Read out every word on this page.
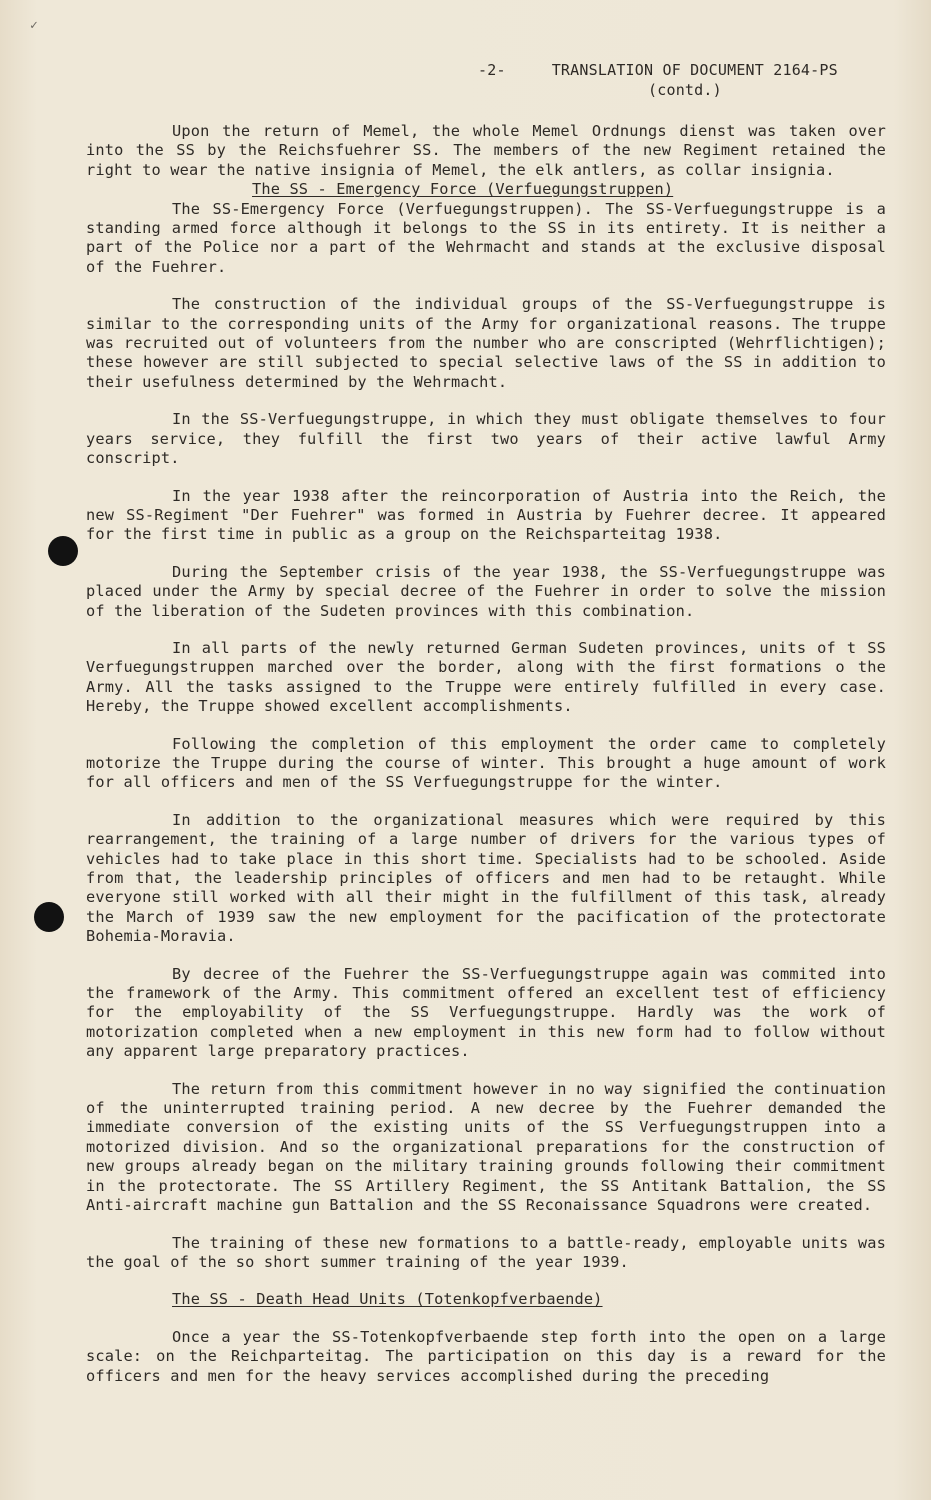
✓
-2-	TRANSLATION OF DOCUMENT 2164-PS
(contd.)

Upon the return of Memel, the whole Memel Ordnungs dienst was taken over into the SS by the Reichsfuehrer SS. The members of the new Regiment retained the right to wear the native insignia of Memel, the elk antlers, as collar insignia.

The SS - Emergency Force (Verfuegungstruppen)

The SS-Emergency Force (Verfuegungstruppen). The SS-Verfuegungstruppe is a standing armed force although it belongs to the SS in its entirety. It is neither a part of the Police nor a part of the Wehrmacht and stands at the exclusive disposal of the Fuehrer.

The construction of the individual groups of the SS-Verfuegungstruppe is similar to the corresponding units of the Army for organizational reasons. The truppe was recruited out of volunteers from the number who are conscripted (Wehrflichtigen); these however are still subjected to special selective laws of the SS in addition to their usefulness determined by the Wehrmacht.

In the SS-Verfuegungstruppe, in which they must obligate themselves to four years service, they fulfill the first two years of their active lawful Army conscript.

In the year 1938 after the reincorporation of Austria into the Reich, the new SS-Regiment "Der Fuehrer" was formed in Austria by Fuehrer decree. It appeared for the first time in public as a group on the Reichsparteitag 1938.

During the September crisis of the year 1938, the SS-Verfuegungstruppe was placed under the Army by special decree of the Fuehrer in order to solve the mission of the liberation of the Sudeten provinces with this combination.

In all parts of the newly returned German Sudeten provinces, units of t SS Verfuegungstruppen marched over the border, along with the first formations o the Army. All the tasks assigned to the Truppe were entirely fulfilled in every case. Hereby, the Truppe showed excellent accomplishments.

Following the completion of this employment the order came to completely motorize the Truppe during the course of winter. This brought a huge amount of work for all officers and men of the SS Verfuegungstruppe for the winter.

In addition to the organizational measures which were required by this rearrangement, the training of a large number of drivers for the various types of vehicles had to take place in this short time. Specialists had to be schooled. Aside from that, the leadership principles of officers and men had to be retaught. While everyone still worked with all their might in the fulfillment of this task, already the March of 1939 saw the new employment for the pacification of the protectorate Bohemia-Moravia.

By decree of the Fuehrer the SS-Verfuegungstruppe again was commited into the framework of the Army. This commitment offered an excellent test of efficiency for the employability of the SS Verfuegungstruppe. Hardly was the work of motorization completed when a new employment in this new form had to follow without any apparent large preparatory practices.

The return from this commitment however in no way signified the continuation of the uninterrupted training period. A new decree by the Fuehrer demanded the immediate conversion of the existing units of the SS Verfuegungstruppen into a motorized division. And so the organizational preparations for the construction of new groups already began on the military training grounds following their commitment in the protectorate. The SS Artillery Regiment, the SS Antitank Battalion, the SS Anti-aircraft machine gun Battalion and the SS Reconaissance Squadrons were created.

The training of these new formations to a battle-ready, employable units was the goal of the so short summer training of the year 1939.

The SS - Death Head Units (Totenkopfverbaende)

Once a year the SS-Totenkopfverbaende step forth into the open on a large scale: on the Reichparteitag. The participation on this day is a reward for the officers and men for the heavy services accomplished during the preceding
